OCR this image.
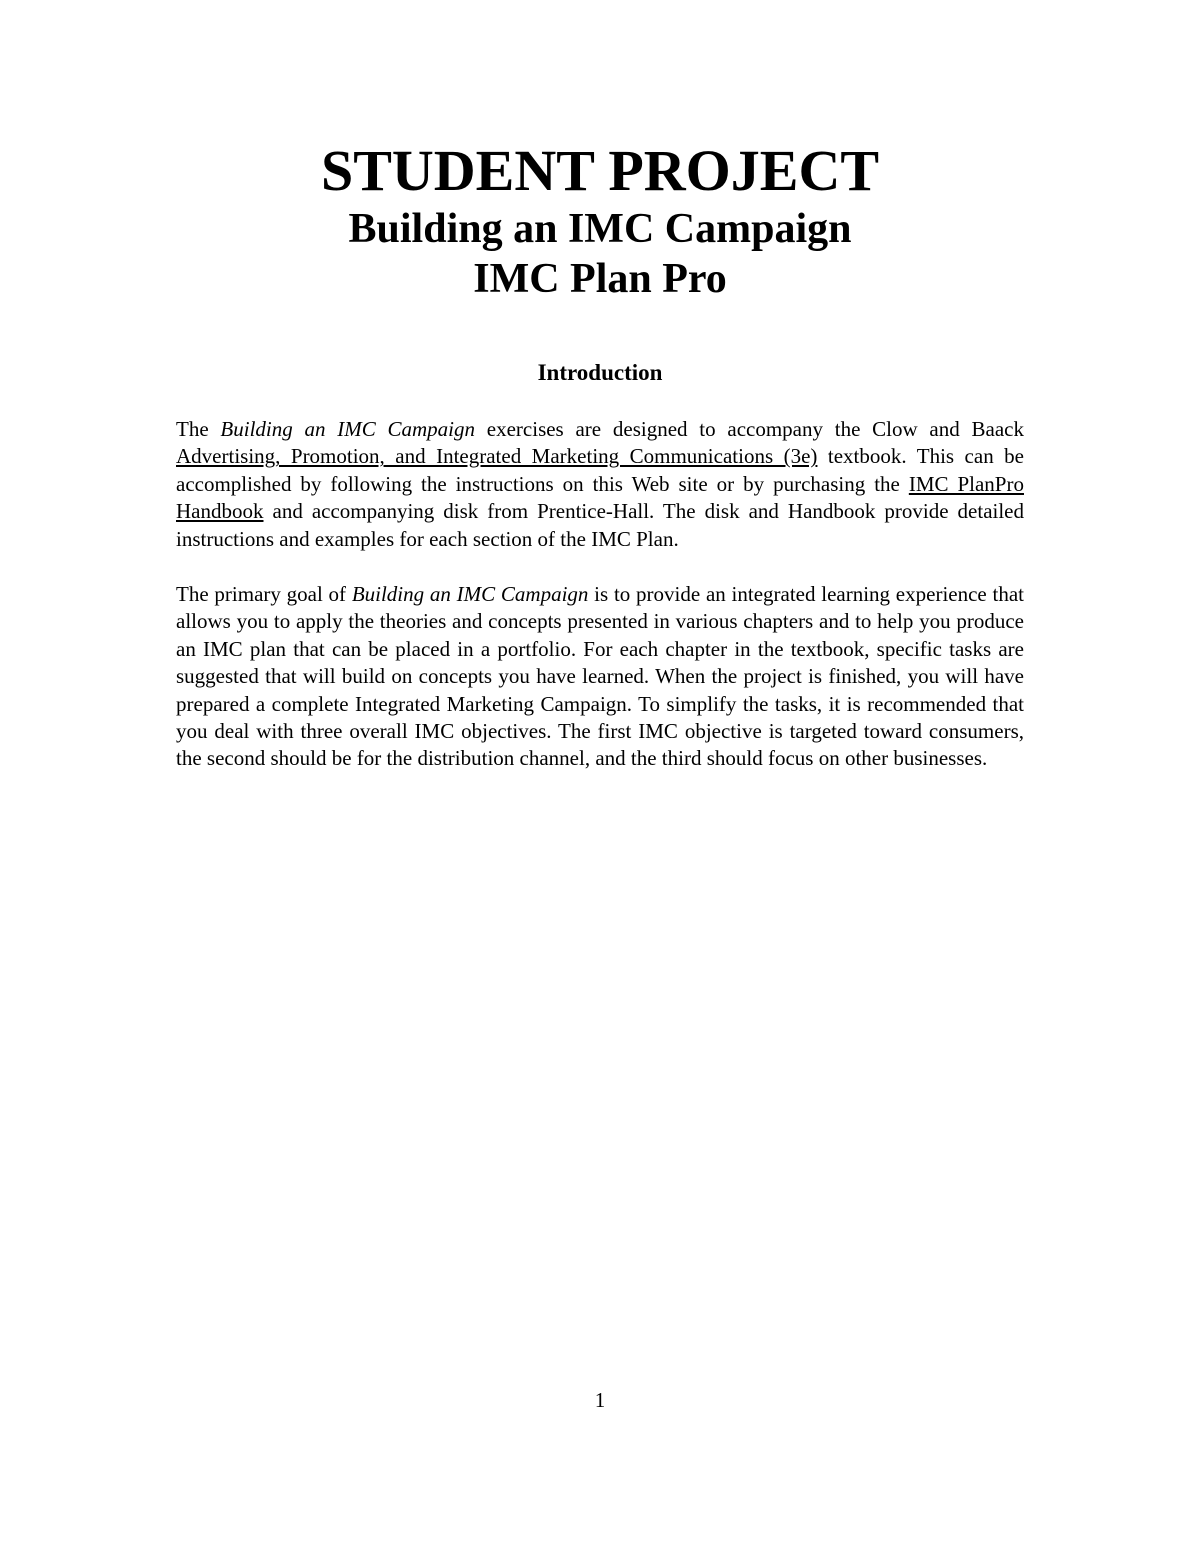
STUDENT PROJECT
Building an IMC Campaign
IMC Plan Pro
Introduction

The Building an IMC Campaign exercises are designed to accompany the Clow and Baack Advertising, Promotion, and Integrated Marketing Communications (3e) textbook. This can be accomplished by following the instructions on this Web site or by purchasing the IMC PlanPro Handbook and accompanying disk from Prentice-Hall. The disk and Handbook provide detailed instructions and examples for each section of the IMC Plan.

The primary goal of Building an IMC Campaign is to provide an integrated learning experience that allows you to apply the theories and concepts presented in various chapters and to help you produce an IMC plan that can be placed in a portfolio. For each chapter in the textbook, specific tasks are suggested that will build on concepts you have learned. When the project is finished, you will have prepared a complete Integrated Marketing Campaign. To simplify the tasks, it is recommended that you deal with three overall IMC objectives. The first IMC objective is targeted toward consumers, the second should be for the distribution channel, and the third should focus on other businesses.

1
